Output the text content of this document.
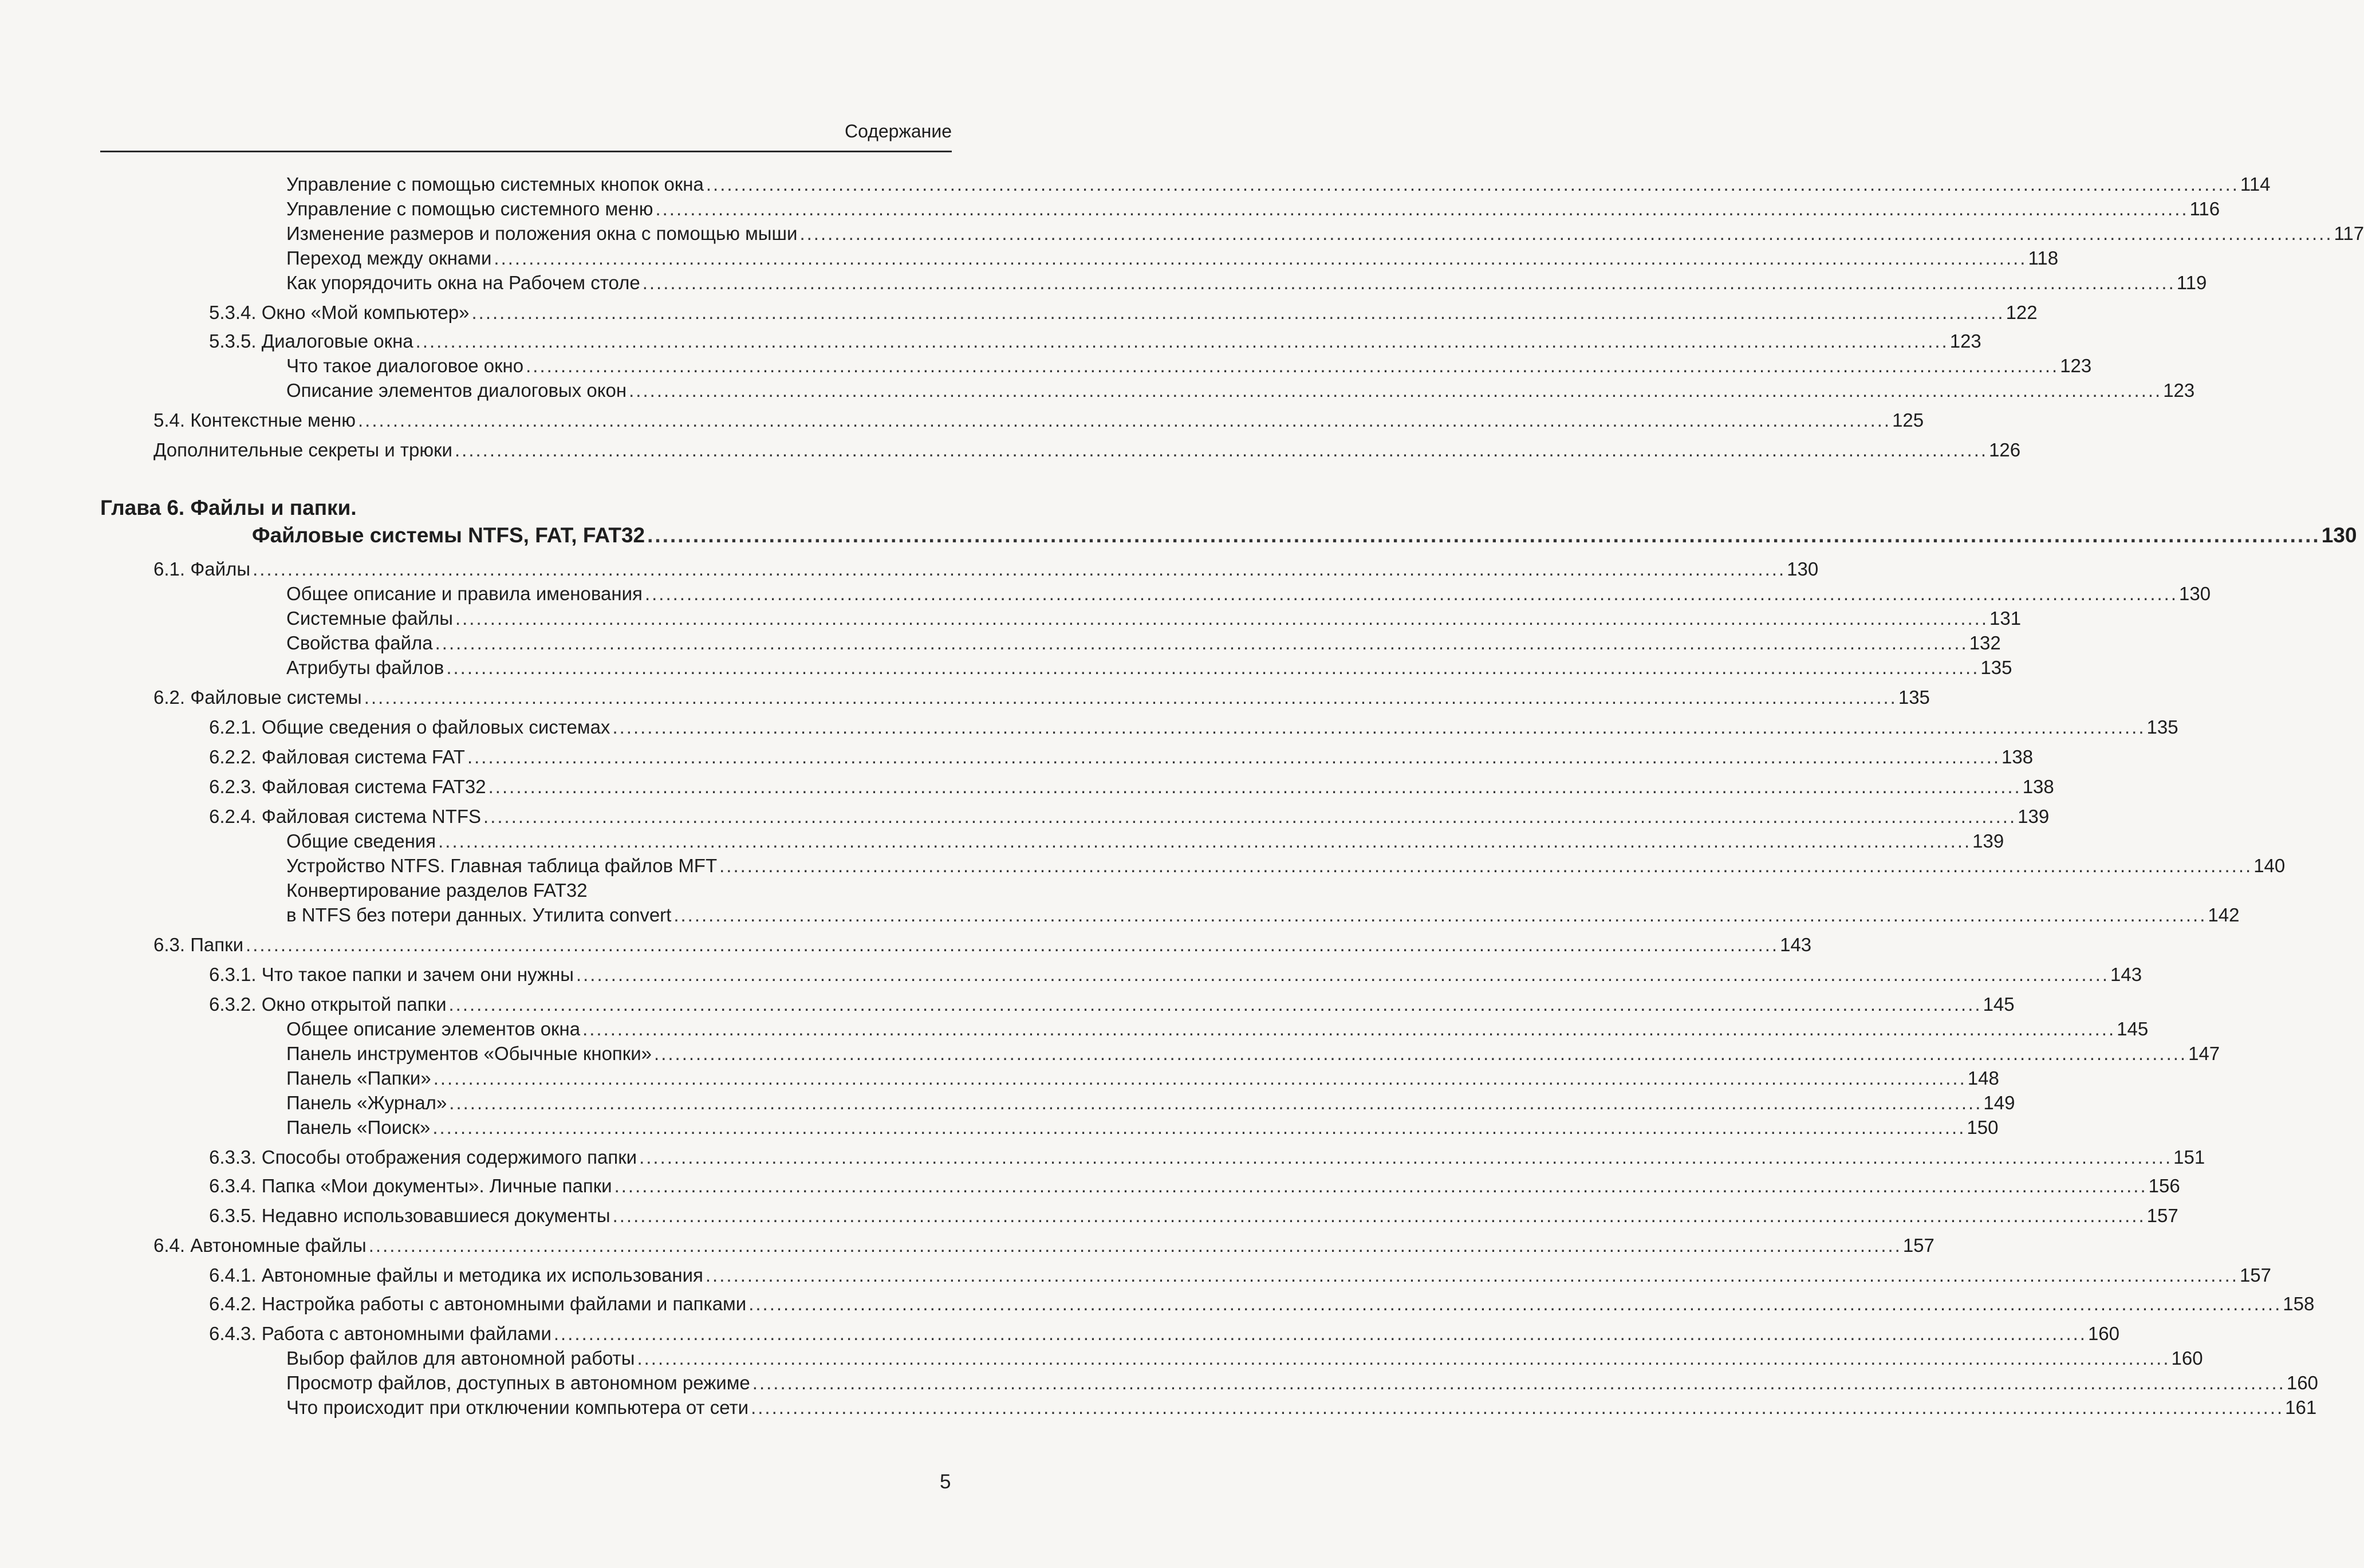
Содержание
Управление с помощью системных кнопок окна ............................................................................................................................................................................................................................ 114
Управление с помощью системного меню ............................................................................................................................................................................................................................ 116
Изменение размеров и положения окна с помощью мыши ............................................................................................................................................................................................................................ 117
Переход между окнами ............................................................................................................................................................................................................................ 118
Как упорядочить окна на Рабочем столе ............................................................................................................................................................................................................................ 119
5.3.4. Окно «Мой компьютер» ............................................................................................................................................................................................................................ 122
5.3.5. Диалоговые окна ............................................................................................................................................................................................................................ 123
Что такое диалоговое окно ............................................................................................................................................................................................................................ 123
Описание элементов диалоговых окон ............................................................................................................................................................................................................................ 123
5.4. Контекстные меню ............................................................................................................................................................................................................................ 125
Дополнительные секреты и трюки ............................................................................................................................................................................................................................ 126
6.1. Файлы ............................................................................................................................................................................................................................ 130
Общее описание и правила именования ............................................................................................................................................................................................................................ 130
Системные файлы ............................................................................................................................................................................................................................ 131
Свойства файла ............................................................................................................................................................................................................................ 132
Атрибуты файлов ............................................................................................................................................................................................................................ 135
6.2. Файловые системы ............................................................................................................................................................................................................................ 135
6.2.1. Общие сведения о файловых системах ............................................................................................................................................................................................................................ 135
6.2.2. Файловая система FAT ............................................................................................................................................................................................................................ 138
6.2.3. Файловая система FAT32 ............................................................................................................................................................................................................................ 138
6.2.4. Файловая система NTFS ............................................................................................................................................................................................................................ 139
Общие сведения ............................................................................................................................................................................................................................ 139
Устройство NTFS. Главная таблица файлов MFT ............................................................................................................................................................................................................................ 140
Конвертирование разделов FAT32
в NTFS без потери данных. Утилита convert ............................................................................................................................................................................................................................ 142
6.3. Папки ............................................................................................................................................................................................................................ 143
6.3.1. Что такое папки и зачем они нужны ............................................................................................................................................................................................................................ 143
6.3.2. Окно открытой папки ............................................................................................................................................................................................................................ 145
Общее описание элементов окна ............................................................................................................................................................................................................................ 145
Панель инструментов «Обычные кнопки» ............................................................................................................................................................................................................................ 147
Панель «Папки» ............................................................................................................................................................................................................................ 148
Панель «Журнал» ............................................................................................................................................................................................................................ 149
Панель «Поиск» ............................................................................................................................................................................................................................ 150
6.3.3. Способы отображения содержимого папки ............................................................................................................................................................................................................................ 151
6.3.4. Папка «Мои документы». Личные папки ............................................................................................................................................................................................................................ 156
6.3.5. Недавно использовавшиеся документы ............................................................................................................................................................................................................................ 157
6.4. Автономные файлы ............................................................................................................................................................................................................................ 157
6.4.1. Автономные файлы и методика их использования ............................................................................................................................................................................................................................ 157
6.4.2. Настройка работы с автономными файлами и папками ............................................................................................................................................................................................................................ 158
6.4.3. Работа с автономными файлами ............................................................................................................................................................................................................................ 160
Выбор файлов для автономной работы ............................................................................................................................................................................................................................ 160
Просмотр файлов, доступных в автономном режиме ............................................................................................................................................................................................................................ 160
Что происходит при отключении компьютера от сети ............................................................................................................................................................................................................................ 161
Глава 6. Файлы и папки.
Файловые системы NTFS, FAT, FAT32 ............................................................................................................................................................................................................................ 130
5
